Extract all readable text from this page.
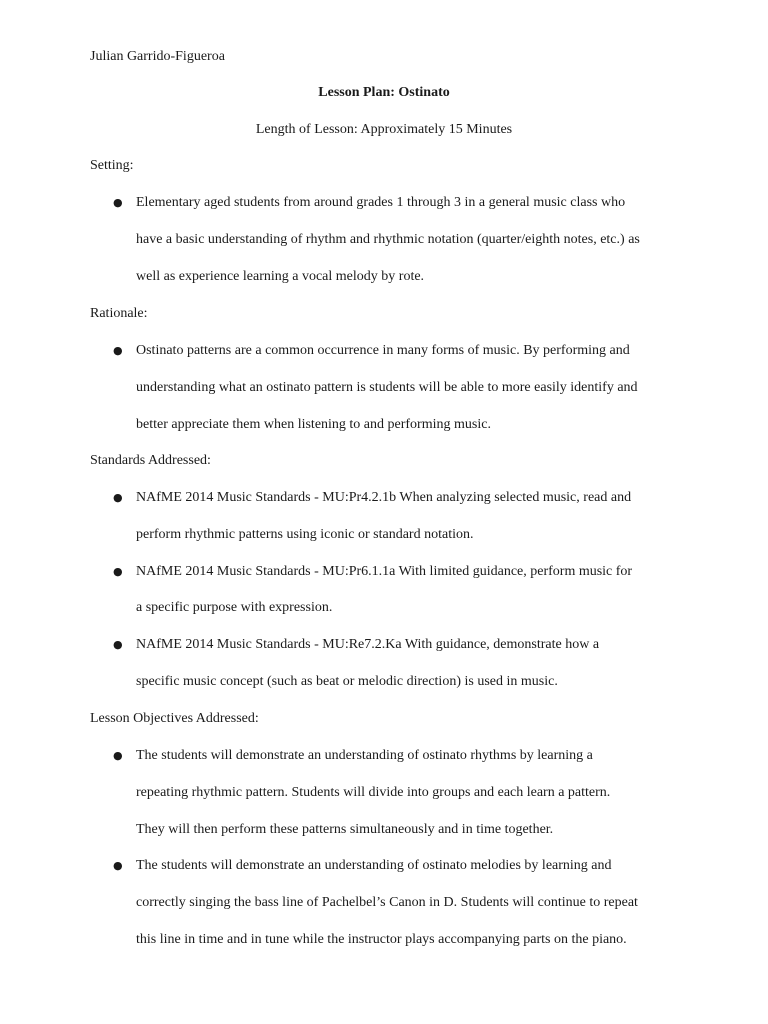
Julian Garrido-Figueroa
Lesson Plan: Ostinato
Length of Lesson: Approximately 15 Minutes
Setting:
● Elementary aged students from around grades 1 through 3 in a general music class who
have a basic understanding of rhythm and rhythmic notation (quarter/eighth notes, etc.) as
well as experience learning a vocal melody by rote.
Rationale:
● Ostinato patterns are a common occurrence in many forms of music. By performing and
understanding what an ostinato pattern is students will be able to more easily identify and
better appreciate them when listening to and performing music.
Standards Addressed:
● NAfME 2014 Music Standards - MU:Pr4.2.1b When analyzing selected music, read and
perform rhythmic patterns using iconic or standard notation.
● NAfME 2014 Music Standards - MU:Pr6.1.1a With limited guidance, perform music for
a specific purpose with expression.
● NAfME 2014 Music Standards - MU:Re7.2.Ka With guidance, demonstrate how a
specific music concept (such as beat or melodic direction) is used in music.
Lesson Objectives Addressed:
● The students will demonstrate an understanding of ostinato rhythms by learning a
repeating rhythmic pattern. Students will divide into groups and each learn a pattern.
They will then perform these patterns simultaneously and in time together.
● The students will demonstrate an understanding of ostinato melodies by learning and
correctly singing the bass line of Pachelbel’s Canon in D. Students will continue to repeat
this line in time and in tune while the instructor plays accompanying parts on the piano.
